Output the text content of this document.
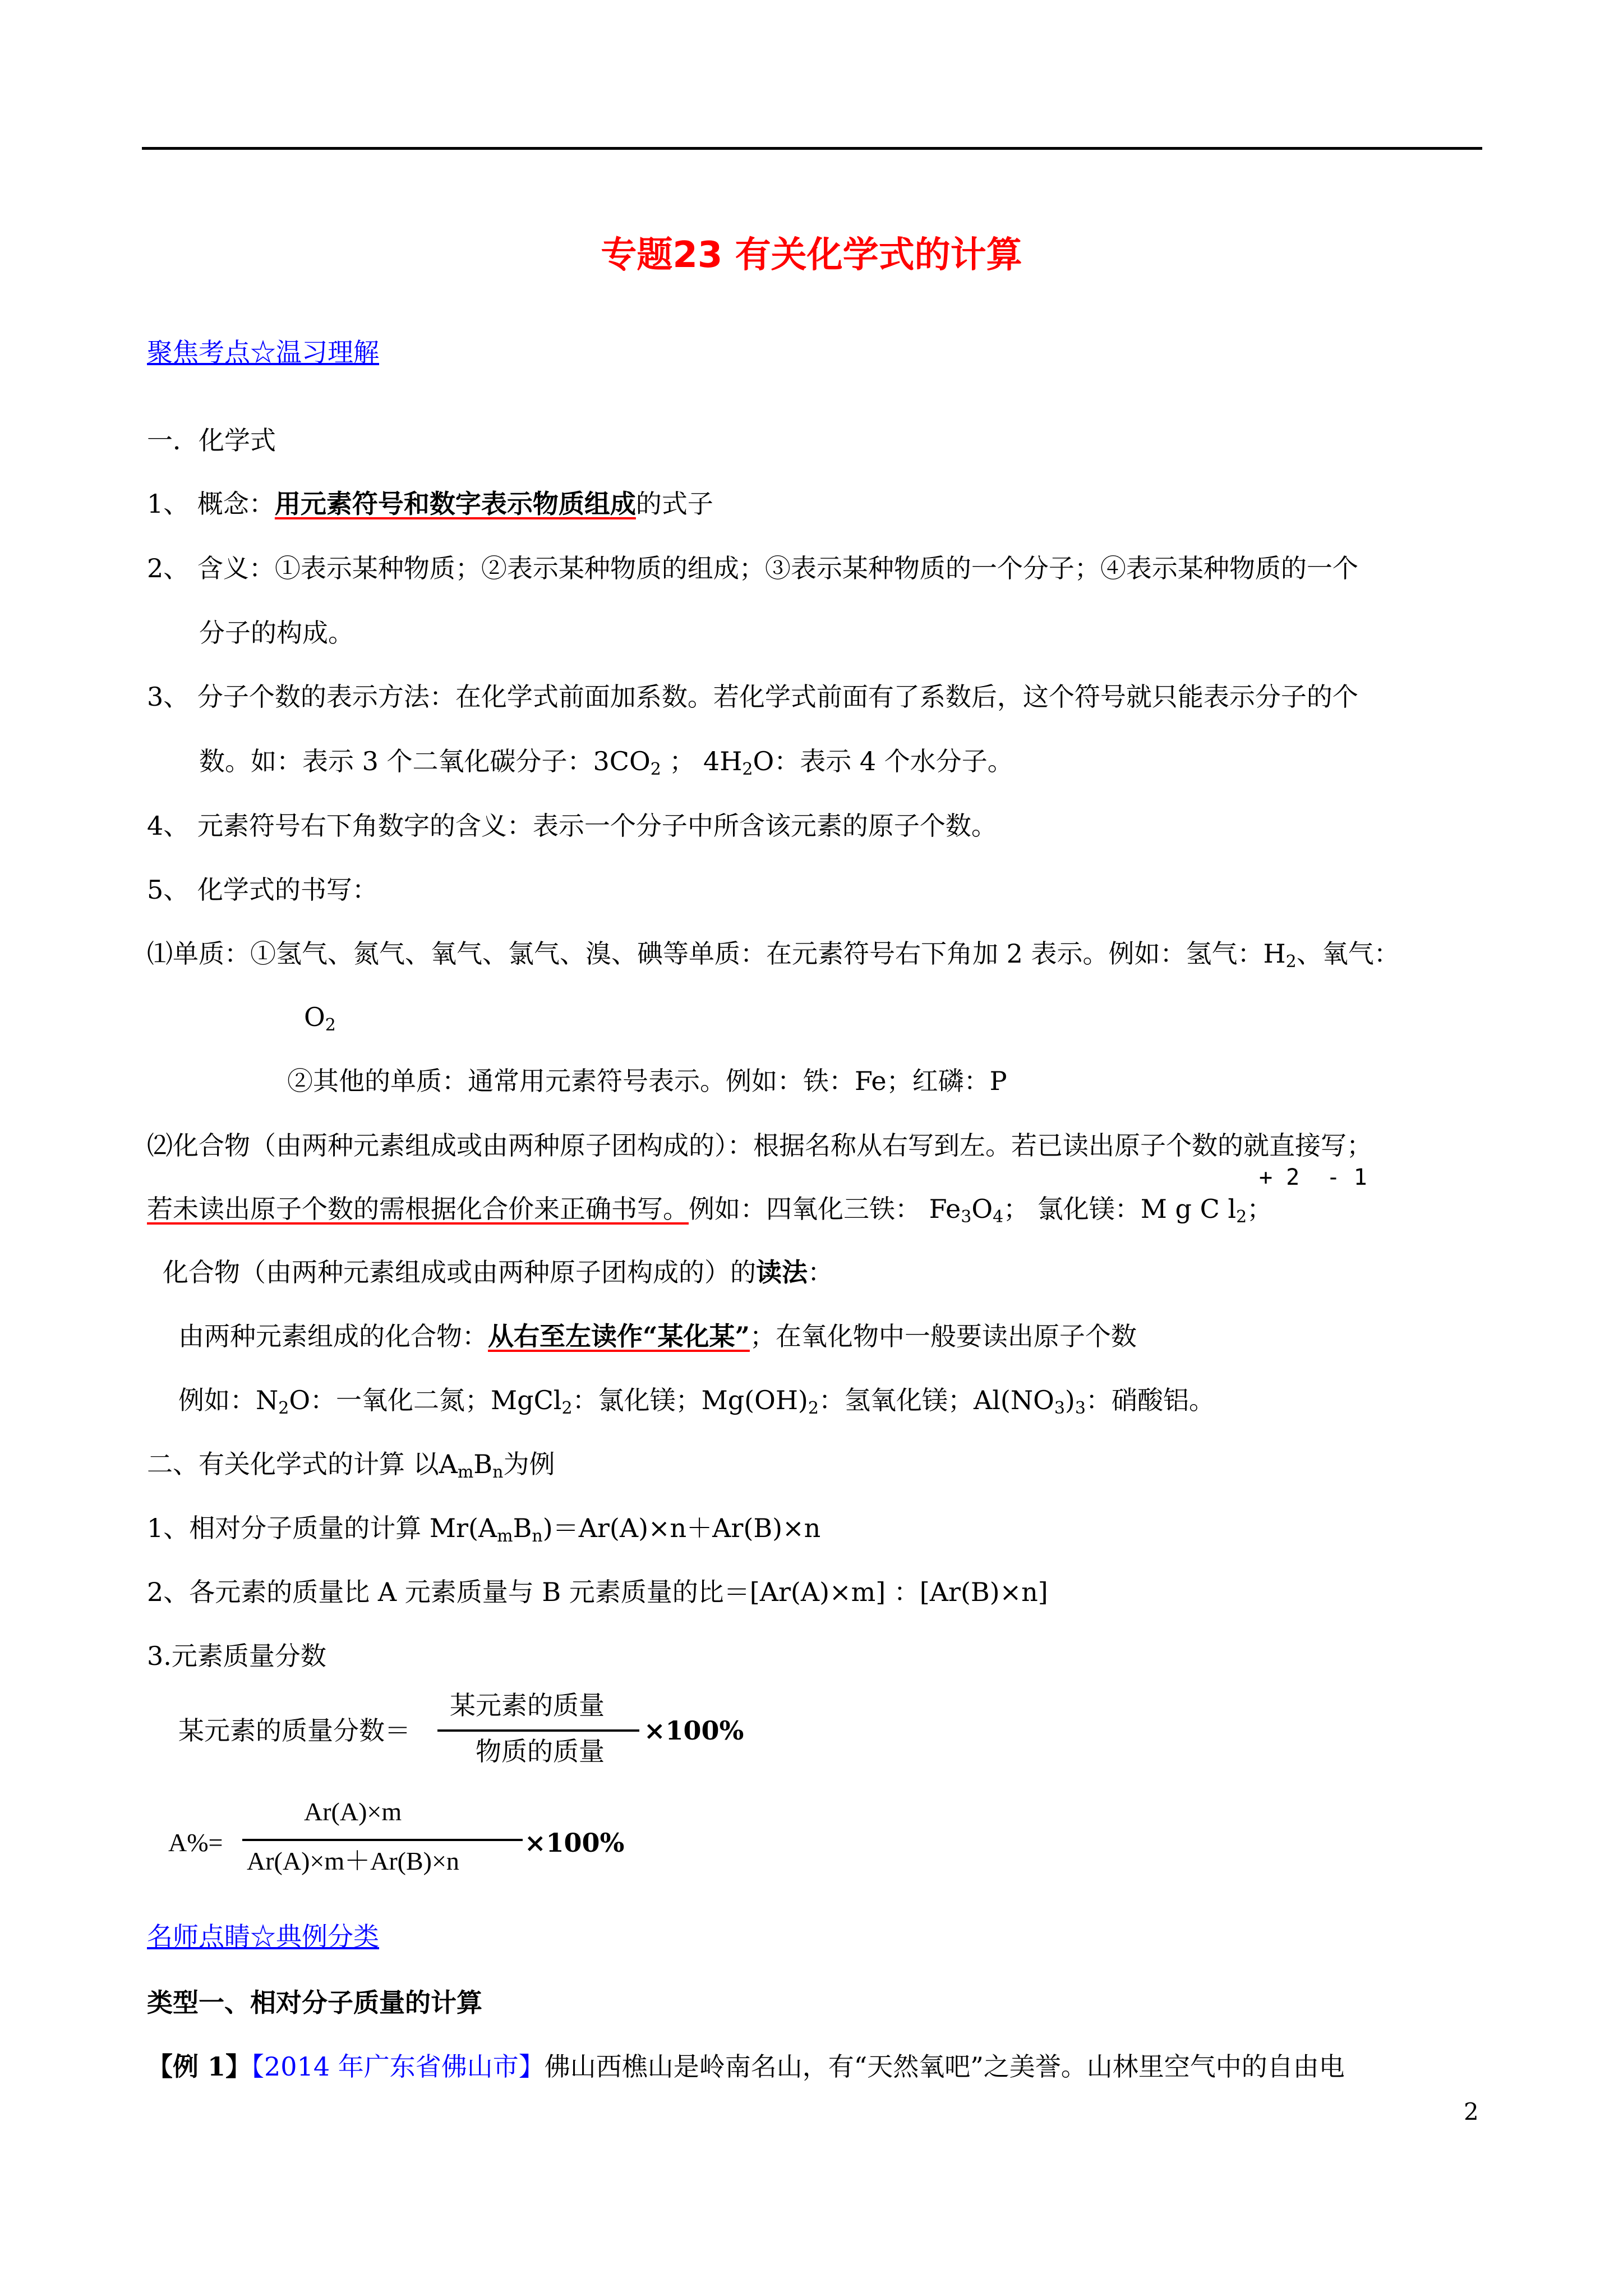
专题23 有关化学式的计算
聚焦考点☆温习理解
一．化学式
1、 概念：用元素符号和数字表示物质组成的式子
2、 含义：①表示某种物质；②表示某种物质的组成；③表示某种物质的一个分子；④表示某种物质的一个
分子的构成。
3、 分子个数的表示方法：在化学式前面加系数。若化学式前面有了系数后，这个符号就只能表示分子的个
数。如：表示 3 个二氧化碳分子：$3CO_2$ ； $4H_2O$：表示 4 个水分子。
4、 元素符号右下角数字的含义：表示一个分子中所含该元素的原子个数。
5、 化学式的书写：
⑴单质：①氢气、氮气、氧气、氯气、溴、碘等单质：在元素符号右下角加 2 表示。例如：氢气：$H_2$、氧气：
$O_2$
②其他的单质：通常用元素符号表示。例如：铁：Fe；红磷：P
⑵化合物（由两种元素组成或由两种原子团构成的）：根据名称从右写到左。若已读出原子个数的就直接写；
+ 2  - 1
若未读出原子个数的需根据化合价来正确书写。例如：四氧化三铁： $Fe_3O_4$； 氯化镁：M g C $l_2$；
化合物（由两种元素组成或由两种原子团构成的）的读法：
由两种元素组成的化合物：从右至左读作“某化某”；在氧化物中一般要读出原子个数
例如：$N_2O$：一氧化二氮；MgCl$_2$：氯化镁；$Mg(OH)_2$：氢氧化镁；$Al(NO_3)_3$：硝酸铝。
二、有关化学式的计算 以$A_mB_n$为例
1、相对分子质量的计算 $Mr(A_mB_n)=Ar(A)\times n+Ar(B)\times n$
2、各元素的质量比 A 元素质量与 B 元素质量的比＝[Ar(A)×m] ：[Ar(B)×n]
3.元素质量分数
某元素的质量分数＝
某元素的质量
物质的质量
×100%
A%=
Ar(A)×m
Ar(A)×m＋Ar(B)×n
×100%
名师点睛☆典例分类
类型一、相对分子质量的计算
【例 1】【2014 年广东省佛山市】佛山西樵山是岭南名山，有“天然氧吧”之美誉。山林里空气中的自由电
2
